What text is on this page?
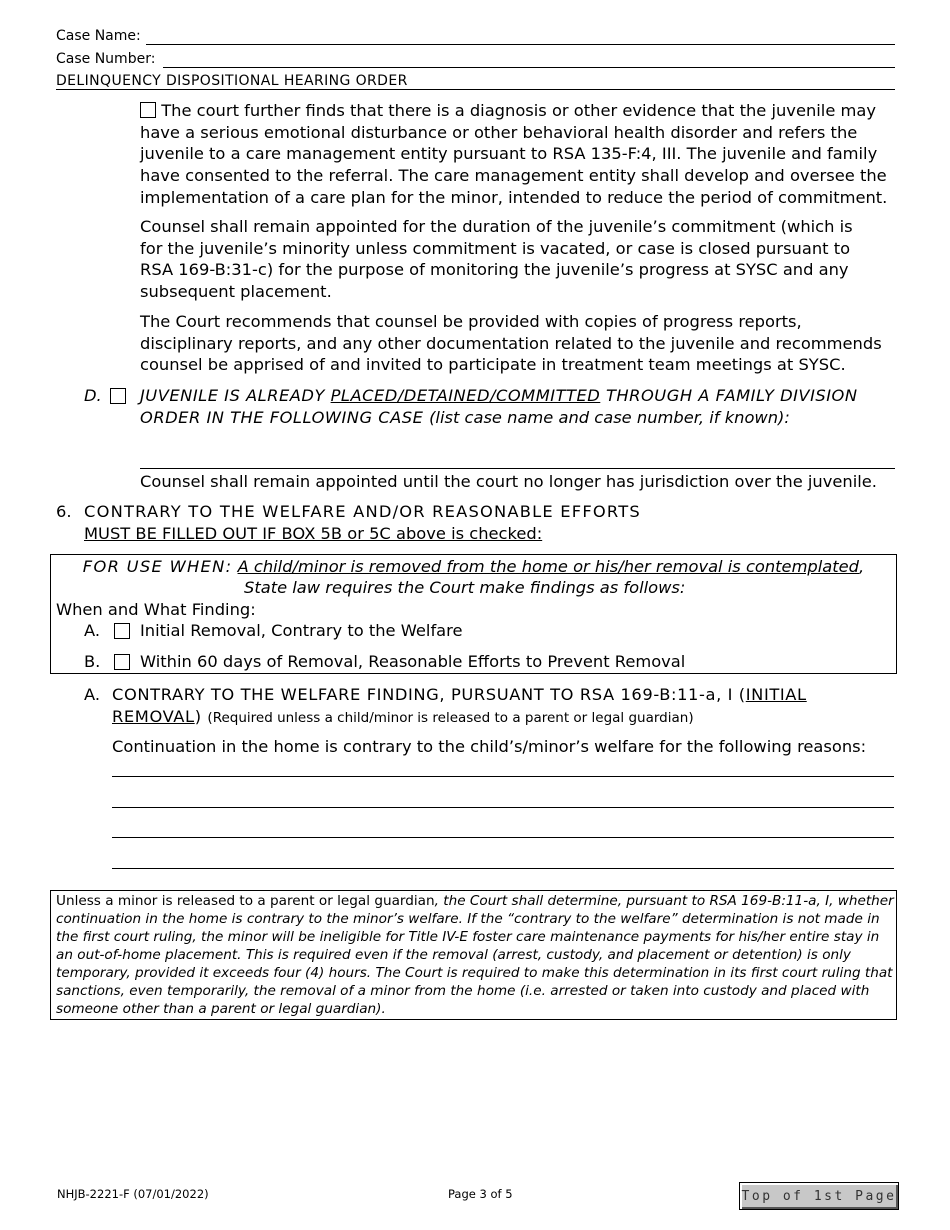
Case Name:
Case Number:
DELINQUENCY DISPOSITIONAL HEARING ORDER
The court further finds that there is a diagnosis or other evidence that the juvenile may have a serious emotional disturbance or other behavioral health disorder and refers the juvenile to a care management entity pursuant to RSA 135-F:4, III. The juvenile and family have consented to the referral. The care management entity shall develop and oversee the implementation of a care plan for the minor, intended to reduce the period of commitment.
Counsel shall remain appointed for the duration of the juvenile’s commitment (which is for the juvenile’s minority unless commitment is vacated, or case is closed pursuant to RSA 169-B:31-c) for the purpose of monitoring the juvenile’s progress at SYSC and any subsequent placement.
The Court recommends that counsel be provided with copies of progress reports, disciplinary reports, and any other documentation related to the juvenile and recommends counsel be apprised of and invited to participate in treatment team meetings at SYSC.
D. JUVENILE IS ALREADY PLACED/DETAINED/COMMITTED THROUGH A FAMILY DIVISION ORDER IN THE FOLLOWING CASE (list case name and case number, if known):
Counsel shall remain appointed until the court no longer has jurisdiction over the juvenile.
6. CONTRARY TO THE WELFARE AND/OR REASONABLE EFFORTS
MUST BE FILLED OUT IF BOX 5B or 5C above is checked:
FOR USE WHEN: A child/minor is removed from the home or his/her removal is contemplated,
State law requires the Court make findings as follows:
When and What Finding:
A. Initial Removal, Contrary to the Welfare
B. Within 60 days of Removal, Reasonable Efforts to Prevent Removal
A. CONTRARY TO THE WELFARE FINDING, PURSUANT TO RSA 169-B:11-a, I (INITIAL REMOVAL) (Required unless a child/minor is released to a parent or legal guardian)
Continuation in the home is contrary to the child’s/minor’s welfare for the following reasons:
Unless a minor is released to a parent or legal guardian, the Court shall determine, pursuant to RSA 169-B:11-a, I, whether continuation in the home is contrary to the minor’s welfare. If the “contrary to the welfare” determination is not made in the first court ruling, the minor will be ineligible for Title IV-E foster care maintenance payments for his/her entire stay in an out-of-home placement. This is required even if the removal (arrest, custody, and placement or detention) is only temporary, provided it exceeds four (4) hours. The Court is required to make this determination in its first court ruling that sanctions, even temporarily, the removal of a minor from the home (i.e. arrested or taken into custody and placed with someone other than a parent or legal guardian).
NHJB-2221-F (07/01/2022)	Page 3 of 5	Top of 1st Page
